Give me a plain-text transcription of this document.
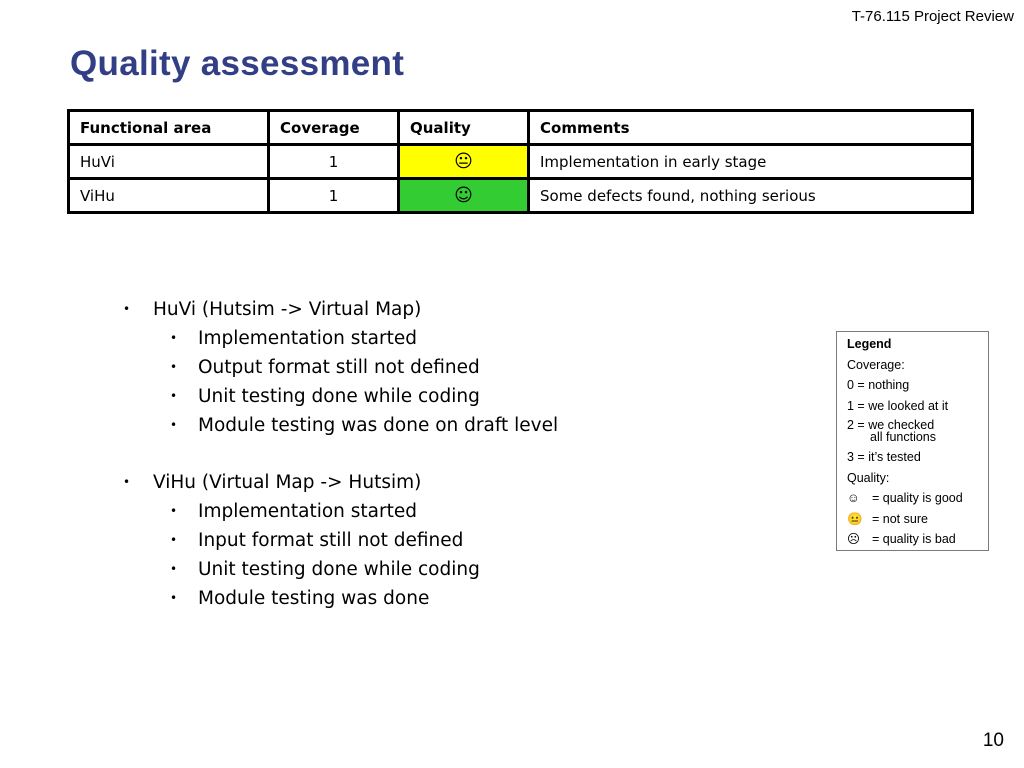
T-76.115 Project Review
Quality assessment
Functional area	Coverage	Quality	Comments
HuVi	1	😐	Implementation in early stage
ViHu	1	☺	Some defects found, nothing serious
• HuVi (Hutsim -> Virtual Map)
• Implementation started
• Output format still not defined
• Unit testing done while coding
• Module testing was done on draft level
• ViHu (Virtual Map -> Hutsim)
• Implementation started
• Input format still not defined
• Unit testing done while coding
• Module testing was done
Legend
Coverage:
0 = nothing
1 = we looked at it
2 = we checked
all functions
3 = it’s tested
Quality:
☺ = quality is good
😐 = not sure
☹ = quality is bad
10
